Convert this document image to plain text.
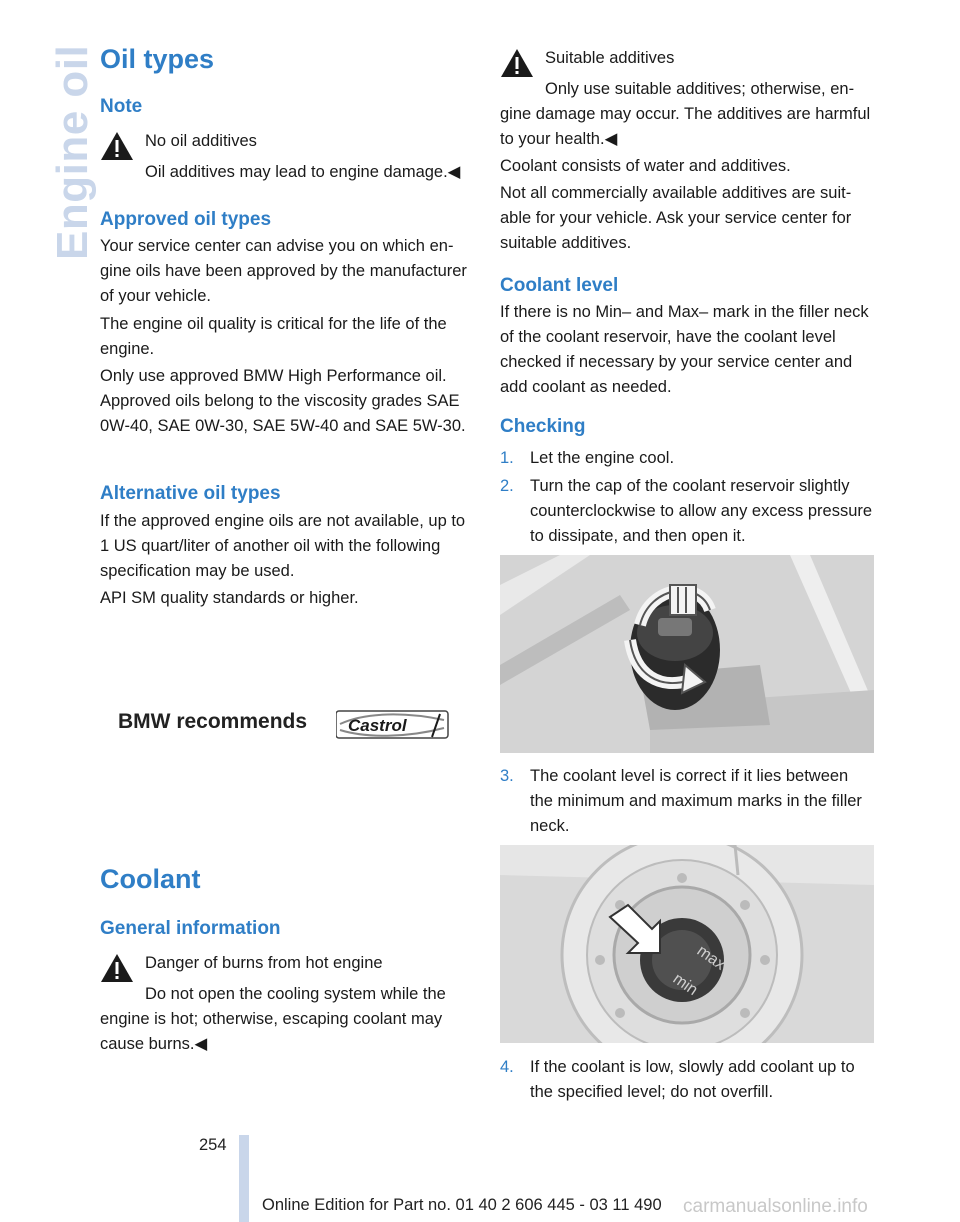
Engine oil Oil types
Note
No oil additives
Oil additives may lead to engine damage.◀
Approved oil types

Your service center can advise you on which engine oils have been approved by the manufacturer of your vehicle.

The engine oil quality is critical for the life of the engine.

Only use approved BMW High Performance oil.

Approved oils belong to the viscosity grades SAE 0W-40, SAE 0W-30, SAE 5W-40 and SAE 5W-30.

Alternative oil types

If the approved engine oils are not available, up to 1 US quart/liter of another oil with the following specification may be used.

API SM quality standards or higher.

BMW recommends Castrol
Coolant
General information
Danger of burns from hot engine
Do not open the cooling system while the engine is hot; otherwise, escaping coolant may cause burns.◀
Suitable additives
Only use suitable additives; otherwise, engine damage may occur. The additives are harmful to your health.◀

Coolant consists of water and additives.

Not all commercially available additives are suitable for your vehicle. Ask your service center for suitable additives.

Coolant level

If there is no Min– and Max– mark in the filler neck of the coolant reservoir, have the coolant level checked if necessary by your service center and add coolant as needed.

Checking
1. Let the engine cool.
2. Turn the cap of the coolant reservoir slightly counterclockwise to allow any excess pressure to dissipate, and then open it.
3. The coolant level is correct if it lies between the minimum and maximum marks in the filler neck.
max
min
4. If the coolant is low, slowly add coolant up to the specified level; do not overfill.
254
Online Edition for Part no. 01 40 2 606 445 - 03 11 490 carmanualsonline.info
